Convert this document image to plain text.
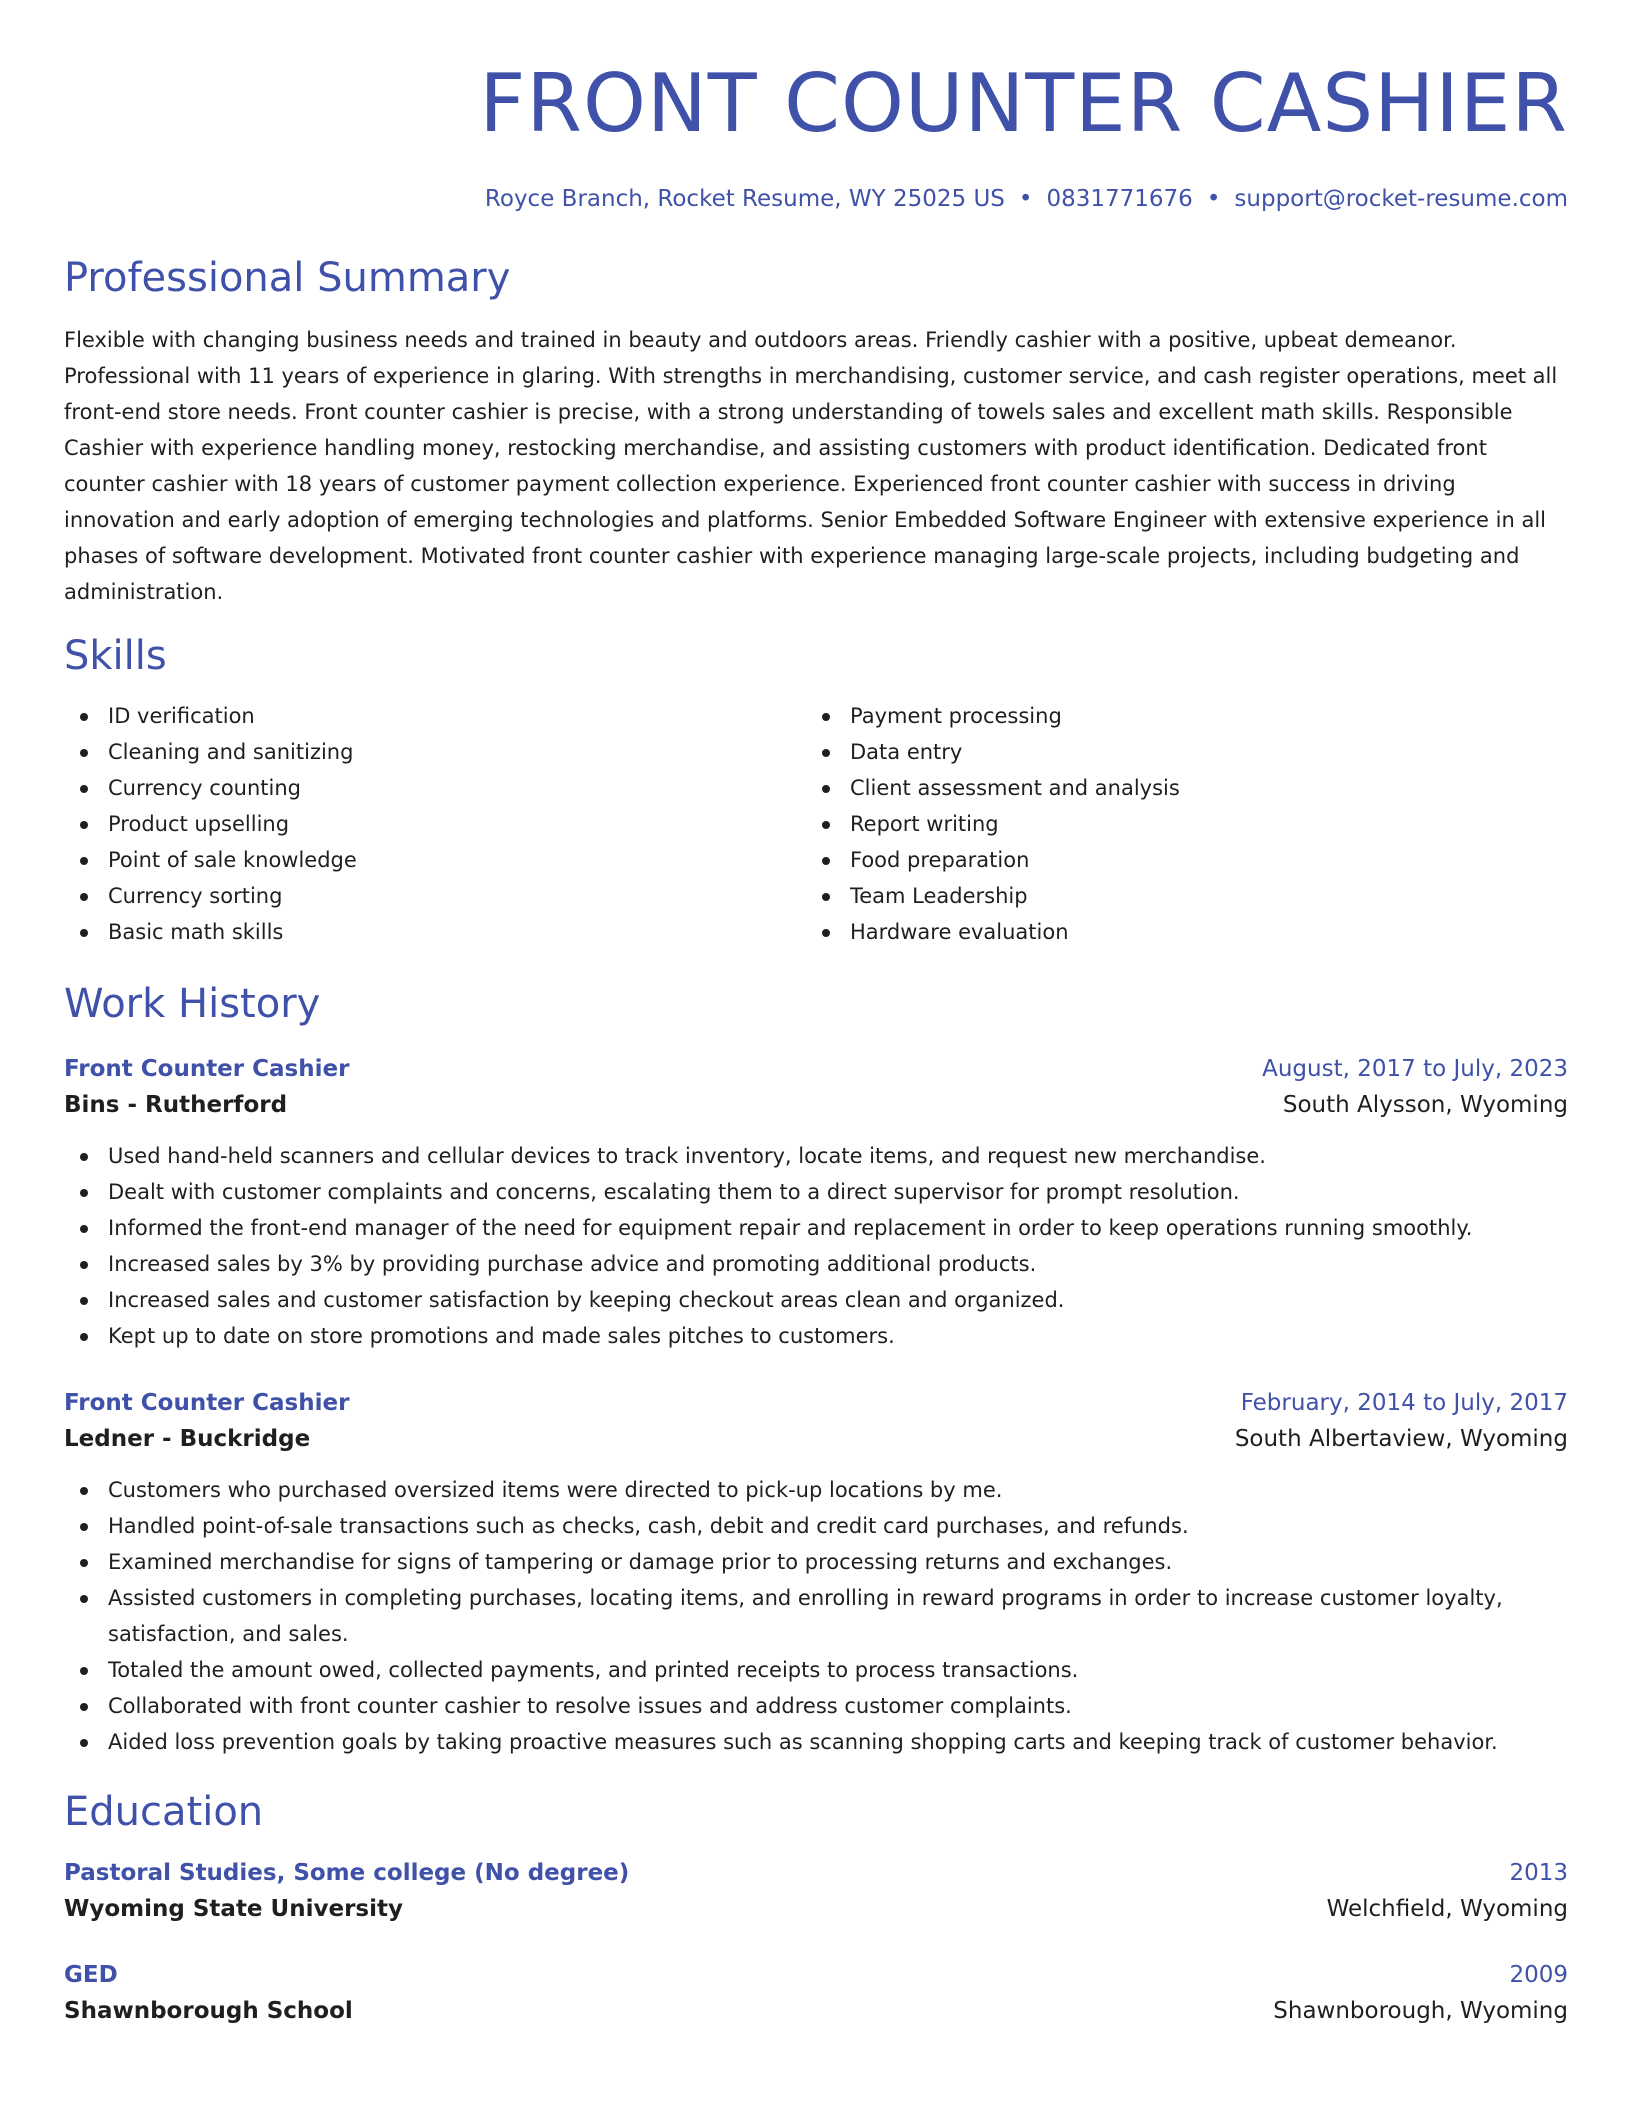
FRONT COUNTER CASHIER
Royce Branch, Rocket Resume, WY 25025 US • 0831771676 • support@rocket-resume.com
Professional Summary
Flexible with changing business needs and trained in beauty and outdoors areas. Friendly cashier with a positive, upbeat demeanor. Professional with 11 years of experience in glaring. With strengths in merchandising, customer service, and cash register operations, meet all front-end store needs. Front counter cashier is precise, with a strong understanding of towels sales and excellent math skills. Responsible Cashier with experience handling money, restocking merchandise, and assisting customers with product identification. Dedicated front counter cashier with 18 years of customer payment collection experience. Experienced front counter cashier with success in driving innovation and early adoption of emerging technologies and platforms. Senior Embedded Software Engineer with extensive experience in all phases of software development. Motivated front counter cashier with experience managing large-scale projects, including budgeting and administration.
Skills
ID verification
Cleaning and sanitizing
Currency counting
Product upselling
Point of sale knowledge
Currency sorting
Basic math skills
Payment processing
Data entry
Client assessment and analysis
Report writing
Food preparation
Team Leadership
Hardware evaluation
Work History
Front Counter Cashier	August, 2017 to July, 2023
Bins - Rutherford	South Alysson, Wyoming
Used hand-held scanners and cellular devices to track inventory, locate items, and request new merchandise.
Dealt with customer complaints and concerns, escalating them to a direct supervisor for prompt resolution.
Informed the front-end manager of the need for equipment repair and replacement in order to keep operations running smoothly.
Increased sales by 3% by providing purchase advice and promoting additional products.
Increased sales and customer satisfaction by keeping checkout areas clean and organized.
Kept up to date on store promotions and made sales pitches to customers.
Front Counter Cashier	February, 2014 to July, 2017
Ledner - Buckridge	South Albertaview, Wyoming
Customers who purchased oversized items were directed to pick-up locations by me.
Handled point-of-sale transactions such as checks, cash, debit and credit card purchases, and refunds.
Examined merchandise for signs of tampering or damage prior to processing returns and exchanges.
Assisted customers in completing purchases, locating items, and enrolling in reward programs in order to increase customer loyalty, satisfaction, and sales.
Totaled the amount owed, collected payments, and printed receipts to process transactions.
Collaborated with front counter cashier to resolve issues and address customer complaints.
Aided loss prevention goals by taking proactive measures such as scanning shopping carts and keeping track of customer behavior.
Education
Pastoral Studies, Some college (No degree)	2013
Wyoming State University	Welchfield, Wyoming
GED	2009
Shawnborough School	Shawnborough, Wyoming
